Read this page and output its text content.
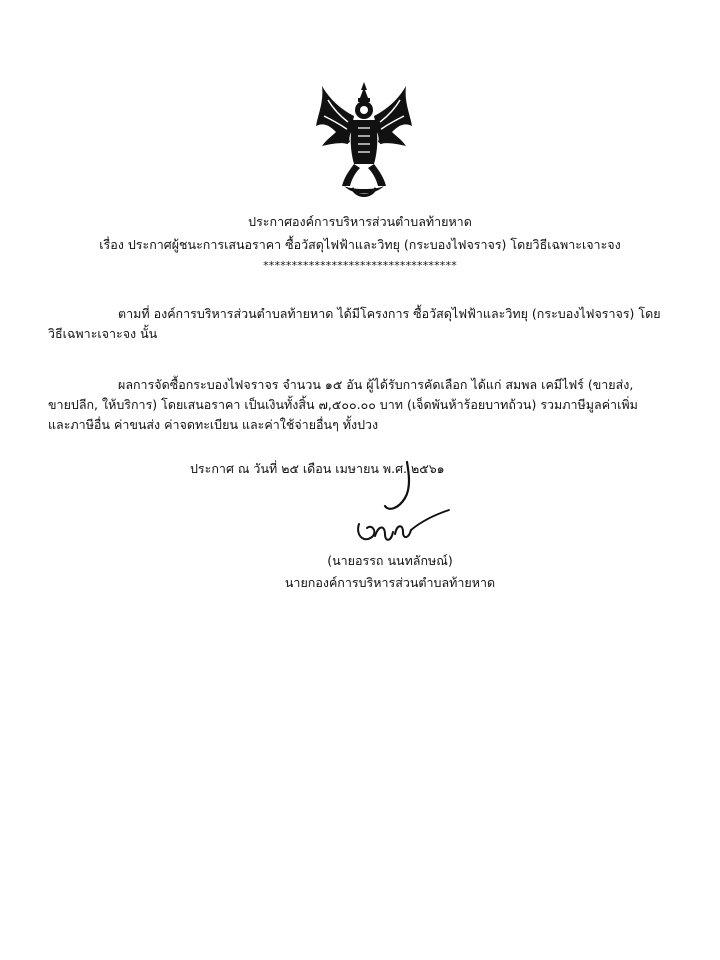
ประกาศองค์การบริหารส่วนตำบลท้ายหาด
เรื่อง ประกาศผู้ชนะการเสนอราคา ซื้อวัสดุไฟฟ้าและวิทยุ (กระบองไฟจราจร) โดยวิธีเฉพาะเจาะจง
**********************************
ตามที่ องค์การบริหารส่วนตำบลท้ายหาด ได้มีโครงการ ซื้อวัสดุไฟฟ้าและวิทยุ (กระบองไฟจราจร) โดย
วิธีเฉพาะเจาะจง นั้น
ผลการจัดซื้อกระบองไฟจราจร จำนวน ๑๕ อัน ผู้ได้รับการคัดเลือก ได้แก่ สมพล เคมีไฟร์ (ขายส่ง,
ขายปลีก, ให้บริการ) โดยเสนอราคา เป็นเงินทั้งสิ้น ๗,๕๐๐.๐๐ บาท (เจ็ดพันห้าร้อยบาทถ้วน) รวมภาษีมูลค่าเพิ่ม
และภาษีอื่น ค่าขนส่ง ค่าจดทะเบียน และค่าใช้จ่ายอื่นๆ ทั้งปวง
ประกาศ ณ วันที่ ๒๕ เดือน เมษายน พ.ศ. ๒๕๖๑
(นายอรรถ นนทลักษณ์)
นายกองค์การบริหารส่วนตำบลท้ายหาด
